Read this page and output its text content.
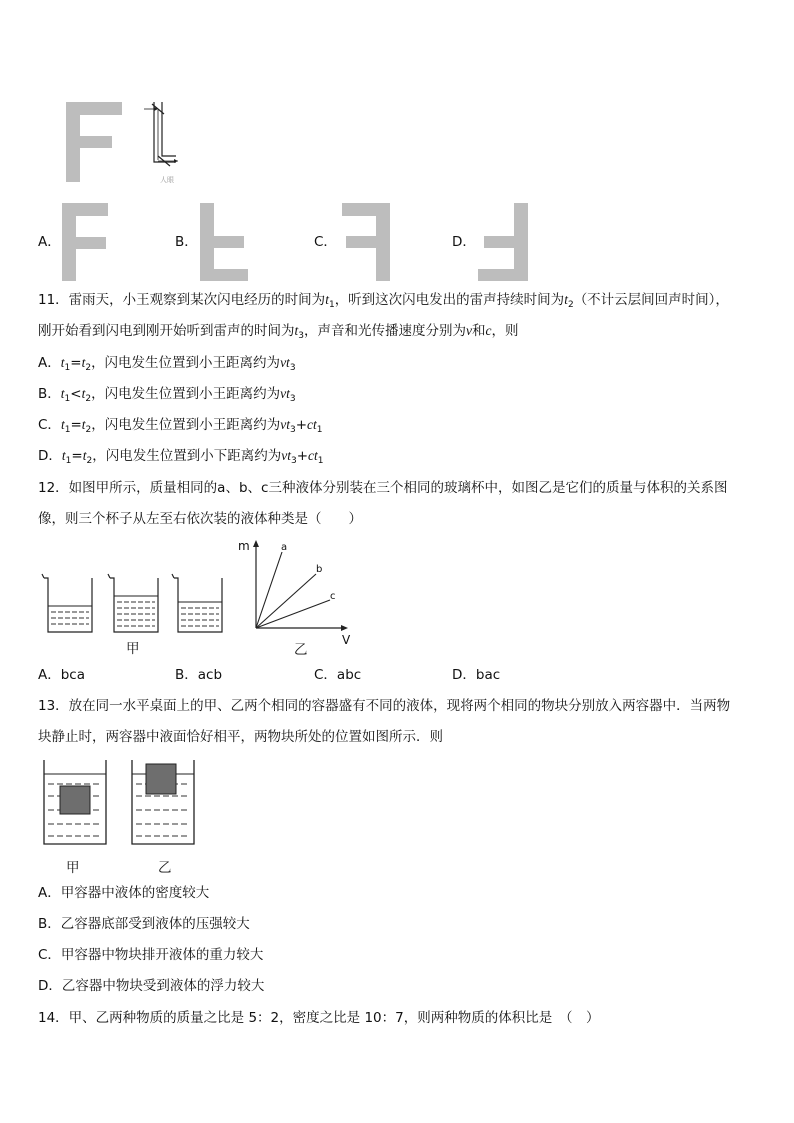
人眼
A．	B．	C．	D．
11．雷雨天，小王观察到某次闪电经历的时间为$t_1$，听到这次闪电发出的雷声持续时间为$t_2$（不计云层间回声时间），
刚开始看到闪电到刚开始听到雷声的时间为$t_3$，声音和光传播速度分别为v和c，则
A．$t_1=t_2$，闪电发生位置到小王距离约为$vt_3$
B．$t_1<t_2$，闪电发生位置到小王距离约为$vt_3$
C．$t_1=t_2$，闪电发生位置到小王距离约为$vt_3+ct_1$
D．$t_1=t_2$，闪电发生位置到小下距离约为$vt_3+ct_1$
12．如图甲所示，质量相同的a、b、c三种液体分别装在三个相同的玻璃杯中，如图乙是它们的质量与体积的关系图
像，则三个杯子从左至右依次装的液体种类是（　　）
甲
m
V
a
b
c
乙
A．bca	B．acb	C．abc	D．bac
13．放在同一水平桌面上的甲、乙两个相同的容器盛有不同的液体，现将两个相同的物块分别放入两容器中．当两物
块静止时，两容器中液面恰好相平，两物块所处的位置如图所示．则
甲	乙
A．甲容器中液体的密度较大
B．乙容器底部受到液体的压强较大
C．甲容器中物块排开液体的重力较大
D．乙容器中物块受到液体的浮力较大
14．甲、乙两种物质的质量之比是 5：2，密度之比是 10：7，则两种物质的体积比是　（　）
